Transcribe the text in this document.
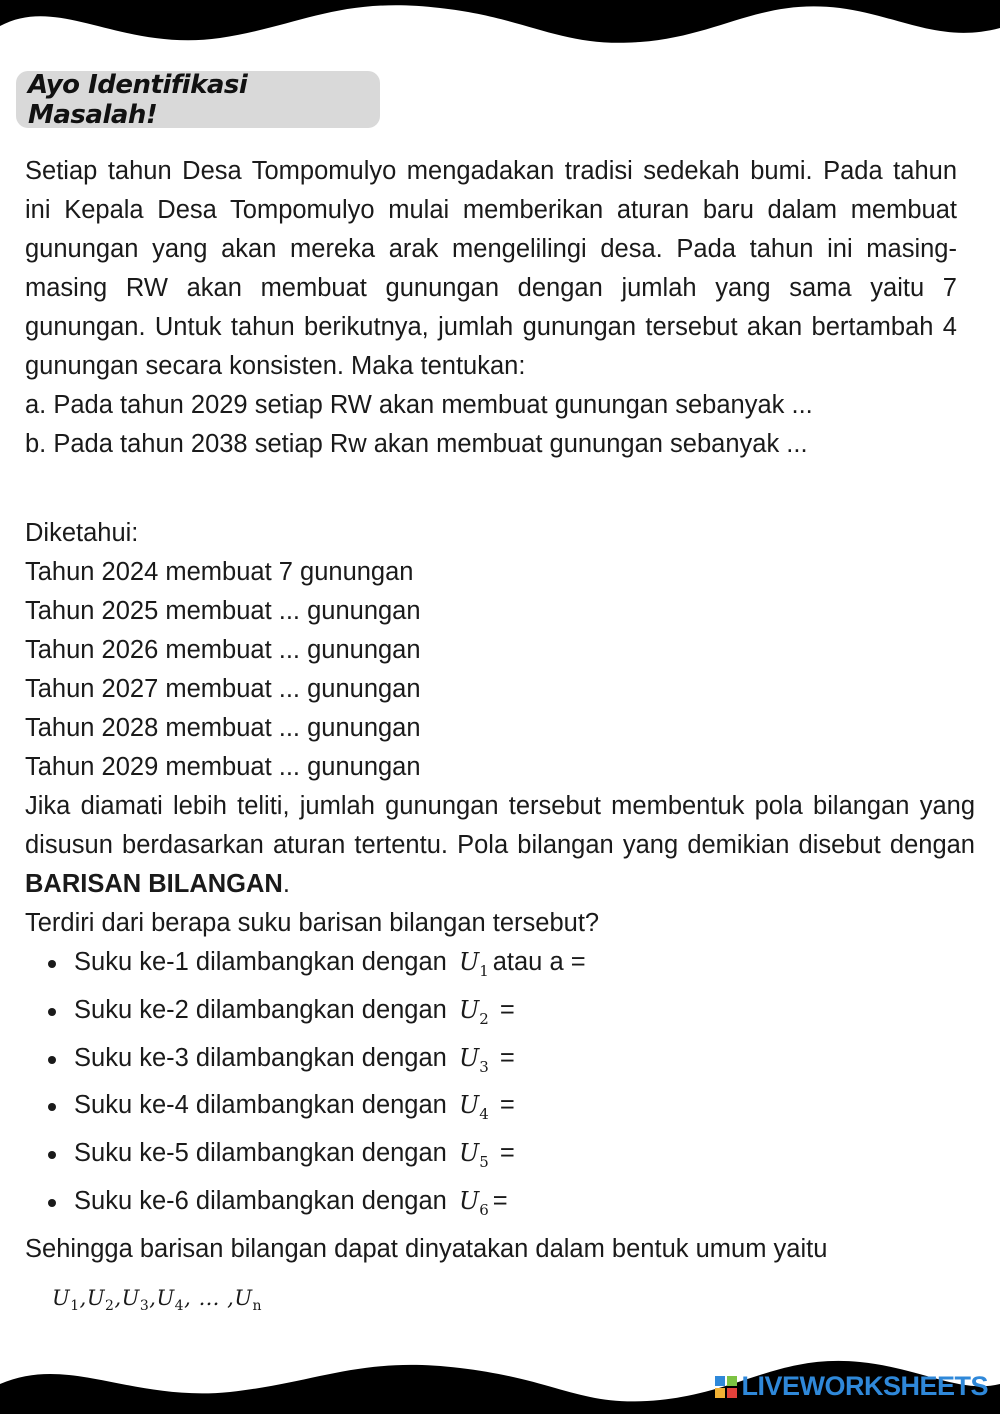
Ayo Identifikasi Masalah!

Setiap tahun Desa Tompomulyo mengadakan tradisi sedekah bumi. Pada tahun ini Kepala Desa Tompomulyo mulai memberikan aturan baru dalam membuat gunungan yang akan mereka arak mengelilingi desa. Pada tahun ini masing-masing RW akan membuat gunungan dengan jumlah yang sama yaitu 7 gunungan. Untuk tahun berikutnya, jumlah gunungan tersebut akan bertambah 4 gunungan secara konsisten. Maka tentukan:

a. Pada tahun 2029 setiap RW akan membuat gunungan sebanyak ...

b. Pada tahun 2038 setiap Rw akan membuat gunungan sebanyak ...

Diketahui:

Tahun 2024 membuat 7 gunungan

Tahun 2025 membuat ... gunungan

Tahun 2026 membuat ... gunungan

Tahun 2027 membuat ... gunungan

Tahun 2028 membuat ... gunungan

Tahun 2029 membuat ... gunungan

Jika diamati lebih teliti, jumlah gunungan tersebut membentuk pola bilangan yang disusun berdasarkan aturan tertentu. Pola bilangan yang demikian disebut dengan BARISAN BILANGAN.

Terdiri dari berapa suku barisan bilangan tersebut?

Suku ke-1 dilambangkan dengan $U_1$ atau a =
Suku ke-2 dilambangkan dengan $U_2$ =
Suku ke-3 dilambangkan dengan $U_3$ =
Suku ke-4 dilambangkan dengan $U_4$ =
Suku ke-5 dilambangkan dengan $U_5$ =
Suku ke-6 dilambangkan dengan $U_6$ =

Sehingga barisan bilangan dapat dinyatakan dalam bentuk umum yaitu

$U_1,U_2,U_3,U_4$, … $,U_n$
LIVEWORKSHEETS
